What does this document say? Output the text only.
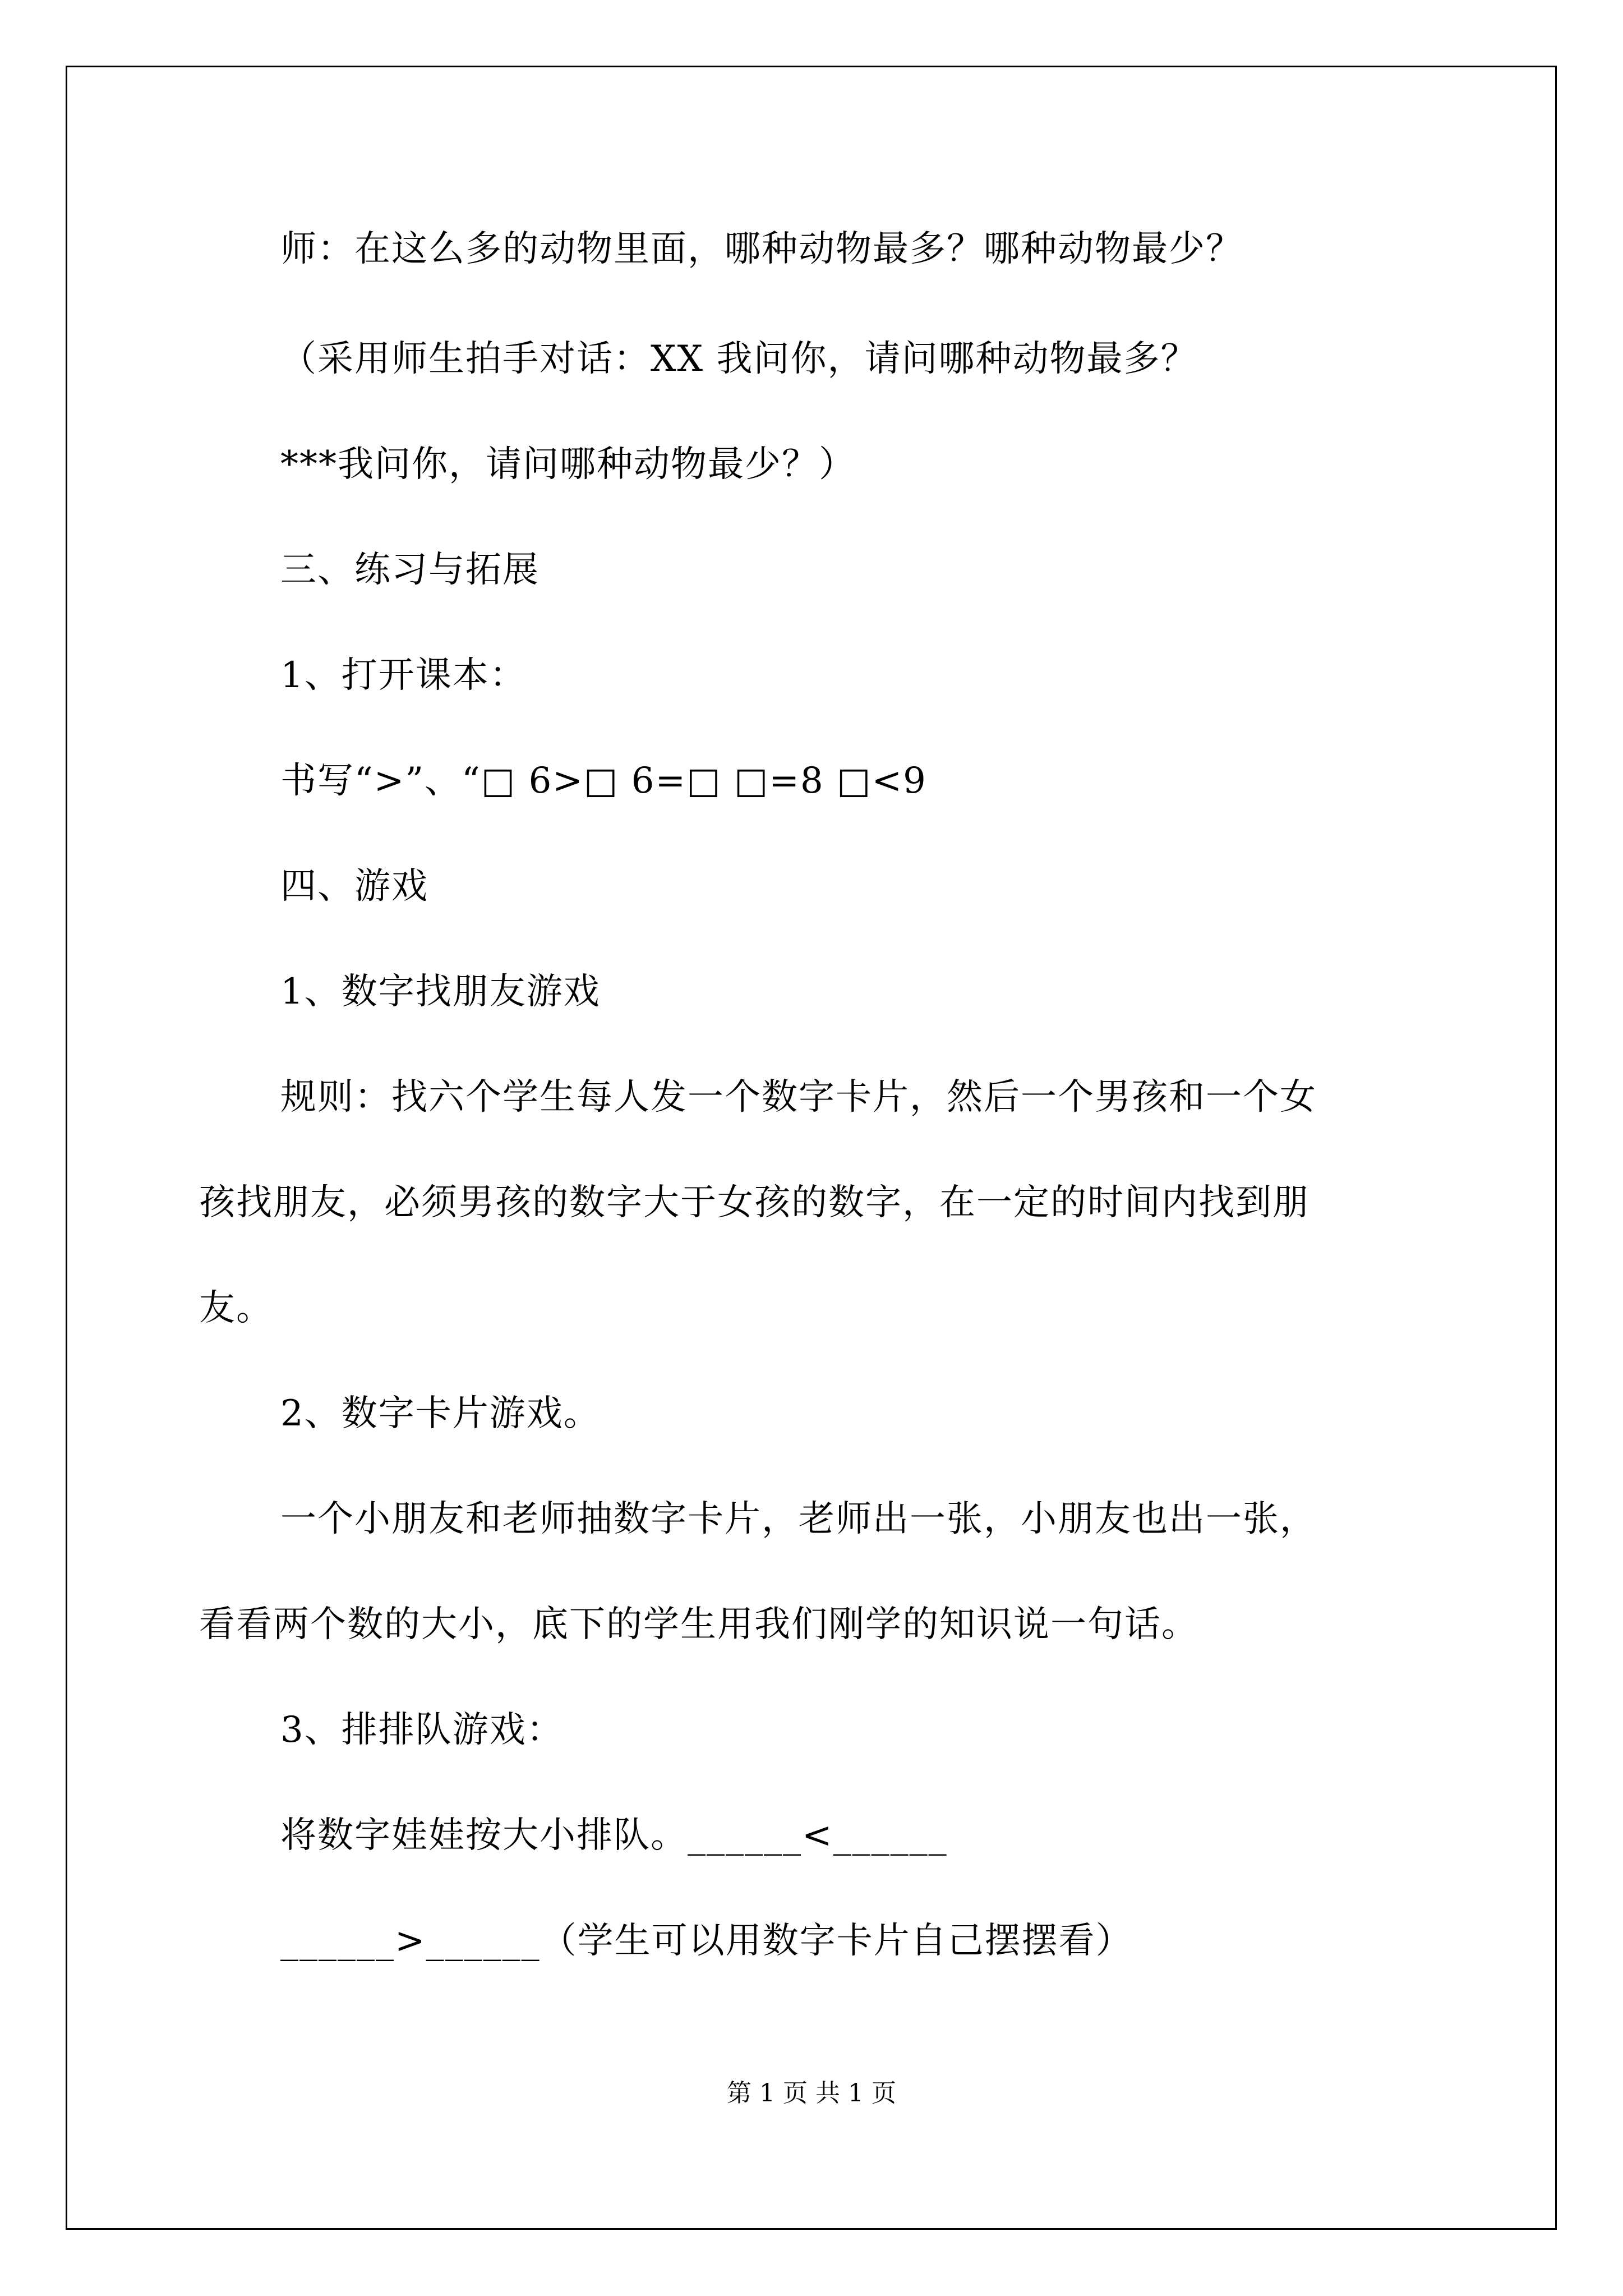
师：在这么多的动物里面，哪种动物最多？哪种动物最少？
（采用师生拍手对话：XX 我问你，请问哪种动物最多？
***我问你，请问哪种动物最少？）
三、练习与拓展
1、打开课本：
书写“>”、“□ 6>□ 6=□ □=8 □<9
四、游戏
1、数字找朋友游戏
规则：找六个学生每人发一个数字卡片，然后一个男孩和一个女
孩找朋友，必须男孩的数字大于女孩的数字，在一定的时间内找到朋
友。
2、数字卡片游戏。
一个小朋友和老师抽数字卡片，老师出一张，小朋友也出一张，
看看两个数的大小，底下的学生用我们刚学的知识说一句话。
3、排排队游戏：
将数字娃娃按大小排队。______<______
______>______（学生可以用数字卡片自己摆摆看）
第 1 页 共 1 页
